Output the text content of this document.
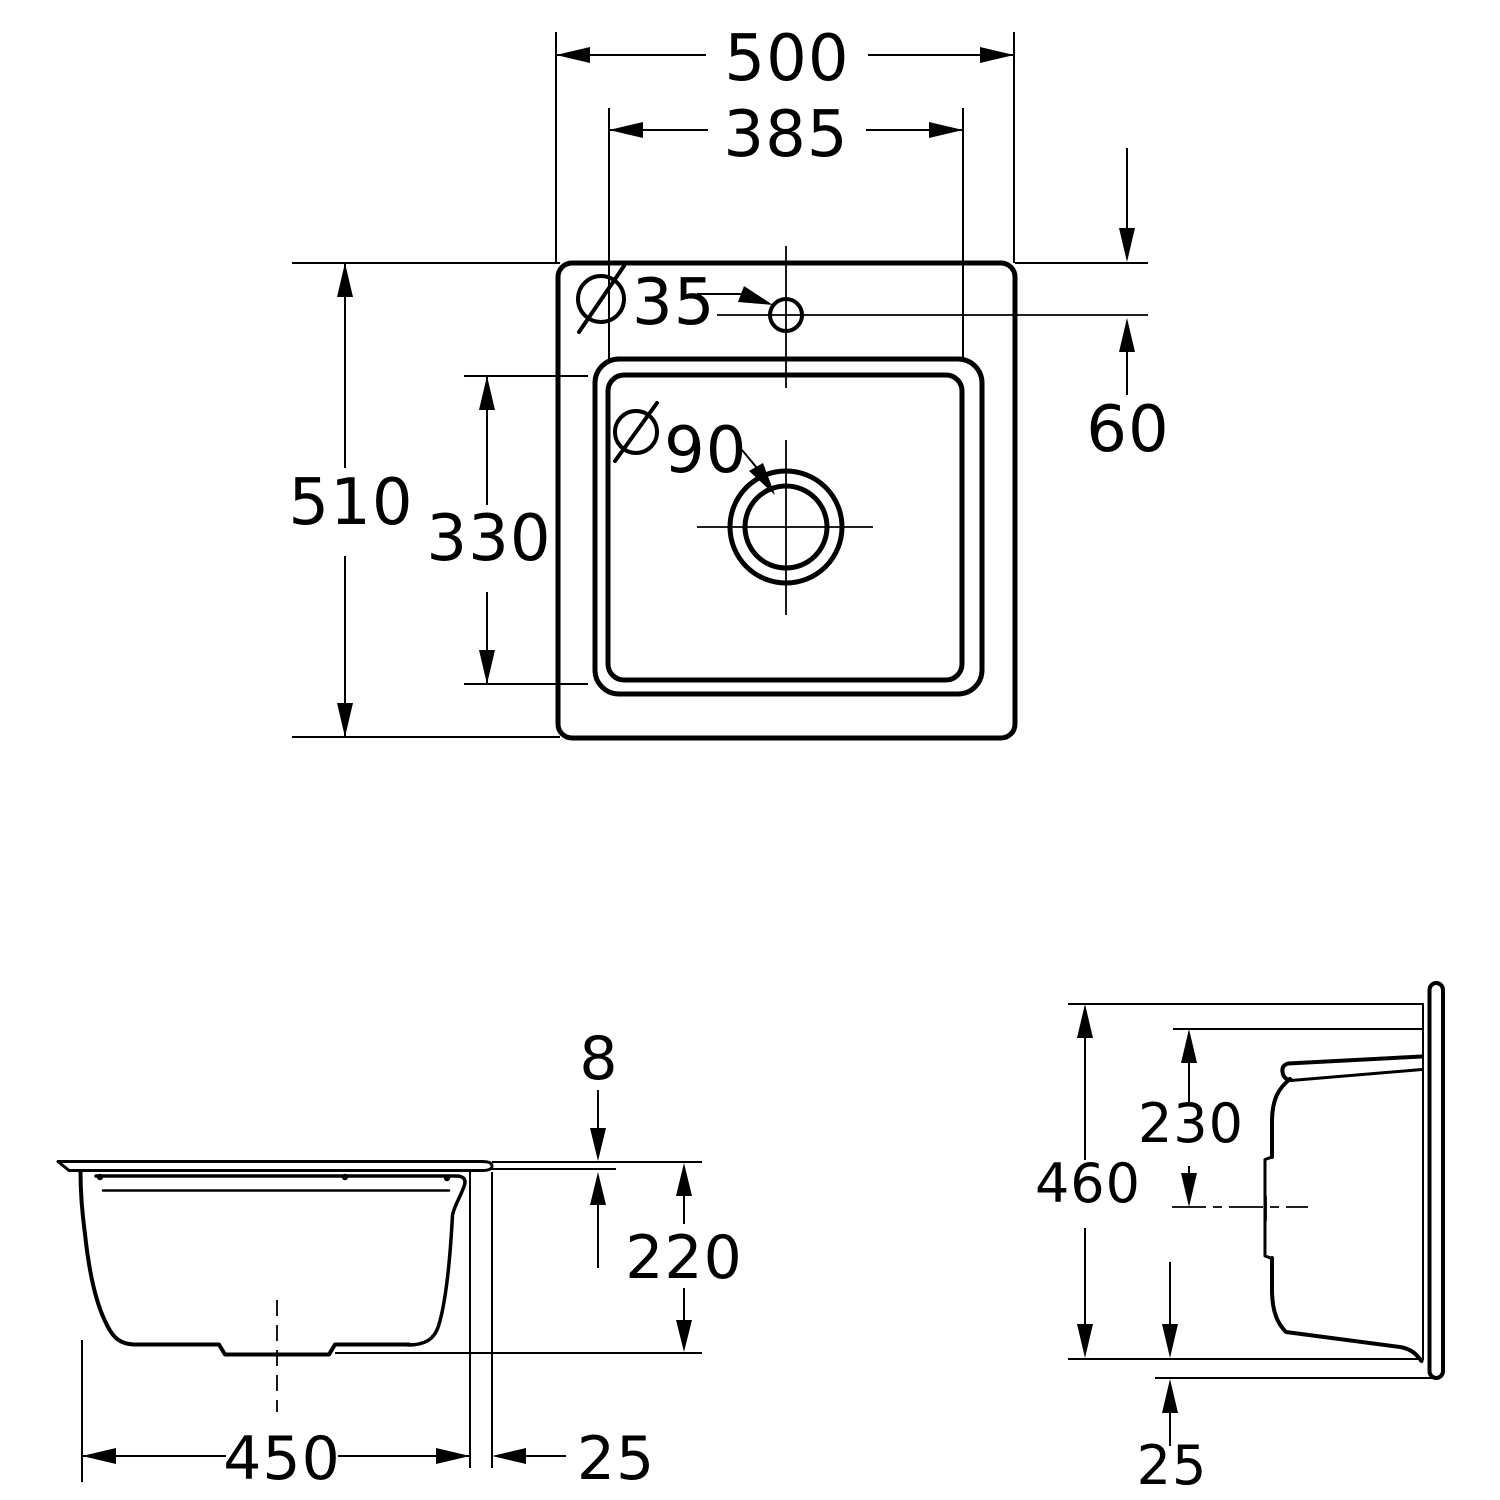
500
385
510 330
60
35
90
8
220
450	25
460
230
25
